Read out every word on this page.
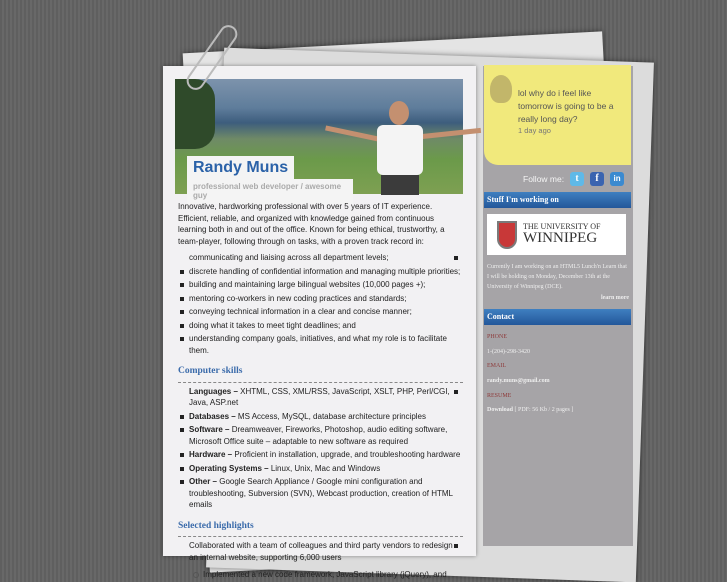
Randy Muns
professional web developer / awesome guy

Innovative, hardworking professional with over 5 years of IT experience. Efficient, reliable, and organized with knowledge gained from continuous learning both in and out of the office. Known for being ethical, trustworthy, a team-player, following through on tasks, with a proven track record in:

communicating and liaising across all department levels;
discrete handling of confidential information and managing multiple priorities;
building and maintaining large bilingual websites (10,000 pages +);
mentoring co-workers in new coding practices and standards;
conveying technical information in a clear and concise manner;
doing what it takes to meet tight deadlines; and
understanding company goals, initiatives, and what my role is to facilitate them.
Computer skills
Languages – XHTML, CSS, XML/RSS, JavaScript, XSLT, PHP, Perl/CGI, Java, ASP.net
Databases – MS Access, MySQL, database architecture principles
Software – Dreamweaver, Fireworks, Photoshop, audio editing software, Microsoft Office suite – adaptable to new software as required
Hardware – Proficient in installation, upgrade, and troubleshooting hardware
Operating Systems – Linux, Unix, Mac and Windows
Other – Google Search Appliance / Google mini configuration and troubleshooting, Subversion (SVN), Webcast production, creation of HTML emails
Selected highlights
Collaborated with a team of colleagues and third party vendors to redesign an internal website, supporting 6,000 users
Implemented a new code framework, JavaScript library (jQuery), and
lol why do i feel like tomorrow is going to be a really long day?
1 day ago
Follow me:	t	f	in
Stuff I'm working on
THE UNIVERSITY OF
WINNIPEG
Currently I am working on an HTML5 Lunch'n Learn that I will be holding on Monday, December 13th at the University of Winnipeg (DCE).
learn more
Contact
PHONE
1-(204)-298-3420
EMAIL
randy.muns@gmail.com
RESUME
Download [ PDF: 56 Kb / 2 pages ]
